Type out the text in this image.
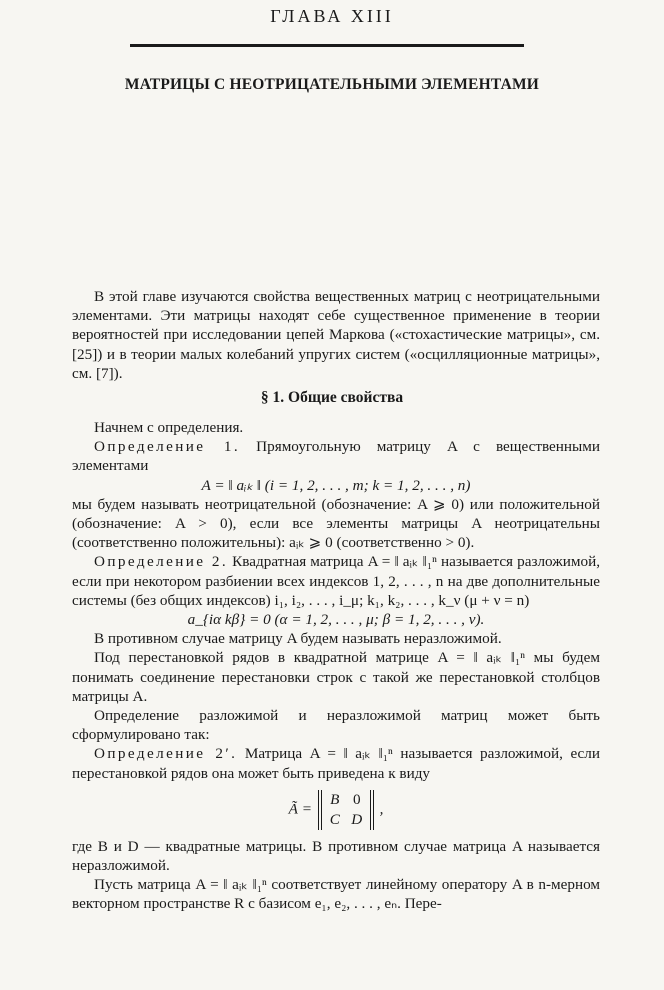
ГЛАВА XIII
МАТРИЦЫ С НЕОТРИЦАТЕЛЬНЫМИ ЭЛЕМЕНТАМИ

В этой главе изучаются свойства вещественных матриц с неотрицательными элементами. Эти матрицы находят себе существенное применение в теории вероятностей при исследовании цепей Маркова («стохастические матрицы», см. [25]) и в теории малых колебаний упругих систем («осцилляционные матрицы», см. [7]).

§ 1. Общие свойства

Начнем с определения.

Определение 1. Прямоугольную матрицу A с вещественными элементами

A = ‖ aᵢₖ ‖ (i = 1, 2, . . . , m; k = 1, 2, . . . , n)

мы будем называть неотрицательной (обозначение: A ⩾ 0) или положительной (обозначение: A > 0), если все элементы матрицы A неотрицательны (соответственно положительны): aᵢₖ ⩾ 0 (соответственно > 0).

Определение 2. Квадратная матрица A = ‖ aᵢₖ ‖₁ⁿ называется разложимой, если при некотором разбиении всех индексов 1, 2, . . . , n на две дополнительные системы (без общих индексов) i₁, i₂, . . . , i_μ; k₁, k₂, . . . , k_ν (μ + ν = n)

a_{iα kβ} = 0 (α = 1, 2, . . . , μ; β = 1, 2, . . . , ν).

В противном случае матрицу A будем называть неразложимой.

Под перестановкой рядов в квадратной матрице A = ‖ aᵢₖ ‖₁ⁿ мы будем понимать соединение перестановки строк с такой же перестановкой столбцов матрицы A.

Определение разложимой и неразложимой матриц может быть сформулировано так:

Определение 2′. Матрица A = ‖ aᵢₖ ‖₁ⁿ называется разложимой, если перестановкой рядов она может быть приведена к виду

Ã =
B 0
C D
,

где B и D — квадратные матрицы. В противном случае матрица A называется неразложимой.

Пусть матрица A = ‖ aᵢₖ ‖₁ⁿ соответствует линейному оператору A в n-мерном векторном пространстве R с базисом e₁, e₂, . . . , eₙ. Пере-
